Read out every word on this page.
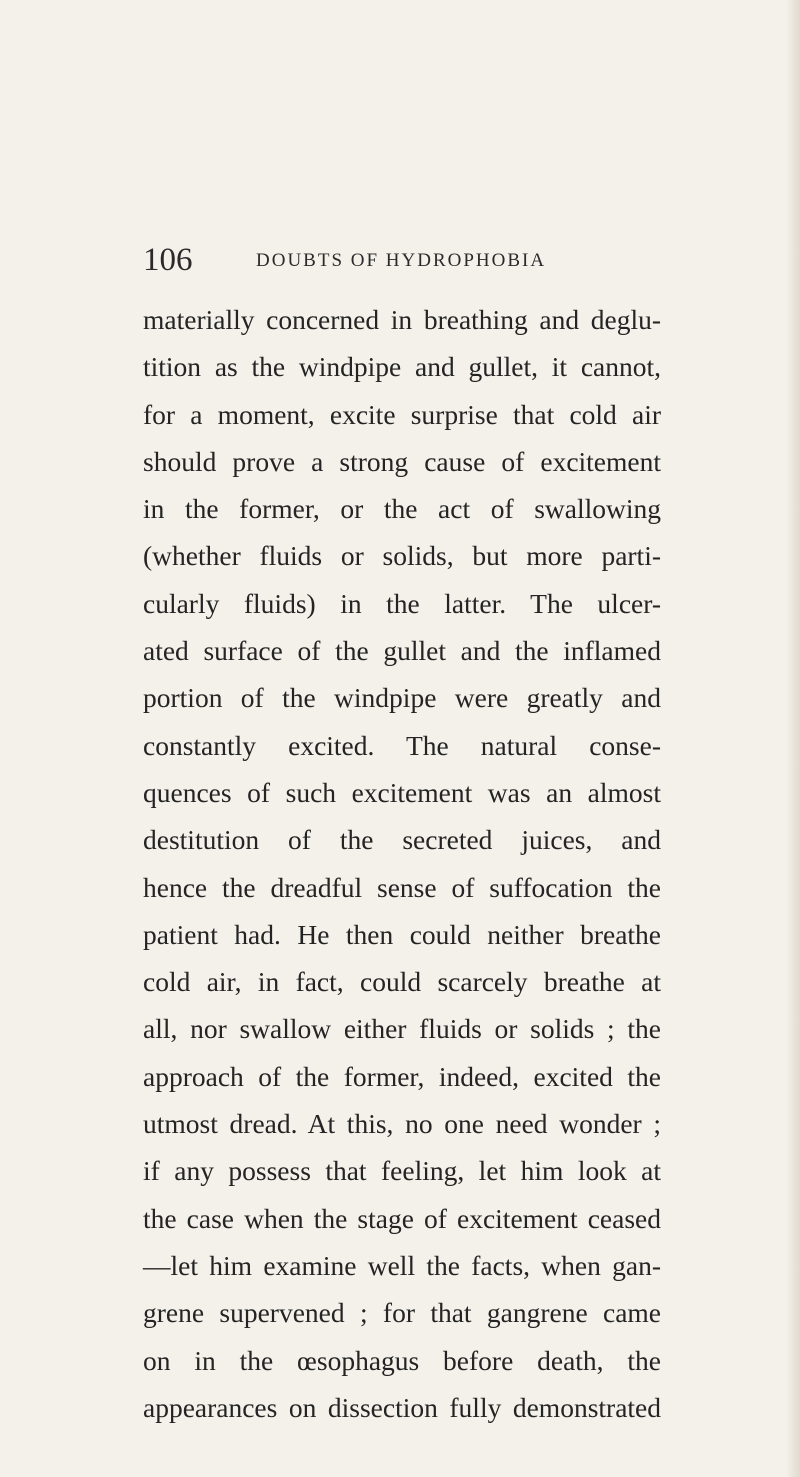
106	DOUBTS OF HYDROPHOBIA
materially concerned in breathing and deglu-
tition as the windpipe and gullet, it cannot,
for a moment, excite surprise that cold air
should prove a strong cause of excitement
in the former, or the act of swallowing
(whether fluids or solids, but more parti-
cularly fluids) in the latter. The ulcer-
ated surface of the gullet and the inflamed
portion of the windpipe were greatly and
constantly excited. The natural conse-
quences of such excitement was an almost
destitution of the secreted juices, and
hence the dreadful sense of suffocation the
patient had. He then could neither breathe
cold air, in fact, could scarcely breathe at
all, nor swallow either fluids or solids ; the
approach of the former, indeed, excited the
utmost dread. At this, no one need wonder ;
if any possess that feeling, let him look at
the case when the stage of excitement ceased
—let him examine well the facts, when gan-
grene supervened ; for that gangrene came
on in the œsophagus before death, the
appearances on dissection fully demonstrated
